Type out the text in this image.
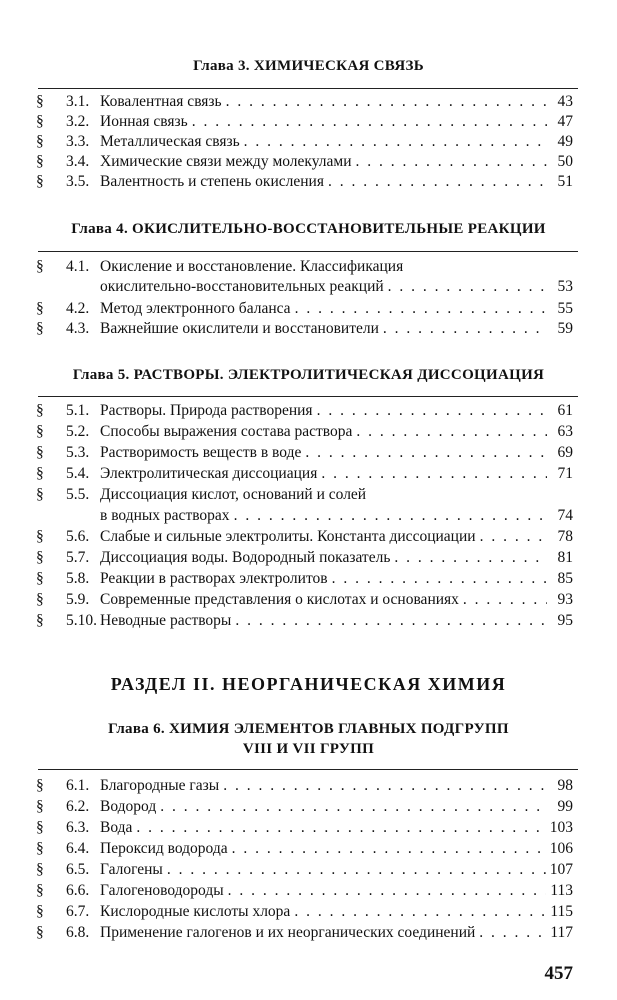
Глава 3. ХИМИЧЕСКАЯ СВЯЗЬ
§ 3.1. Ковалентная связь . . .	43
§ 3.2. Ионная связь . . .	47
§ 3.3. Металлическая связь . . .	49
§ 3.4. Химические связи между молекулами . . .	50
§ 3.5. Валентность и степень окисления . . .	51
Глава 4. ОКИСЛИТЕЛЬНО-ВОССТАНОВИТЕЛЬНЫЕ РЕАКЦИИ
§ 4.1. Окисление и восстановление. Классификация
окислительно-восстановительных реакций . . .	53
§ 4.2. Метод электронного баланса . . .	55
§ 4.3. Важнейшие окислители и восстановители . . .	59
Глава 5. РАСТВОРЫ. ЭЛЕКТРОЛИТИЧЕСКАЯ ДИССОЦИАЦИЯ
§ 5.1. Растворы. Природа растворения . . .	61
§ 5.2. Способы выражения состава раствора . . .	63
§ 5.3. Растворимость веществ в воде . . .	69
§ 5.4. Электролитическая диссоциация . . .	71
§ 5.5. Диссоциация кислот, оснований и солей
в водных растворах . . .	74
§ 5.6. Слабые и сильные электролиты. Константа диссоциации . . .	78
§ 5.7. Диссоциация воды. Водородный показатель . . .	81
§ 5.8. Реакции в растворах электролитов . . .	85
§ 5.9. Современные представления о кислотах и основаниях . . .	93
§ 5.10. Неводные растворы . . .	95
РАЗДЕЛ II. НЕОРГАНИЧЕСКАЯ ХИМИЯ
Глава 6. ХИМИЯ ЭЛЕМЕНТОВ ГЛАВНЫХ ПОДГРУПП
VIII И VII ГРУПП
§ 6.1. Благородные газы . . .	98
§ 6.2. Водород . . .	99
§ 6.3. Вода . . .	103
§ 6.4. Пероксид водорода . . .	106
§ 6.5. Галогены . . .	107
§ 6.6. Галогеноводороды . . .	113
§ 6.7. Кислородные кислоты хлора . . .	115
§ 6.8. Применение галогенов и их неорганических соединений . . .	117
457
